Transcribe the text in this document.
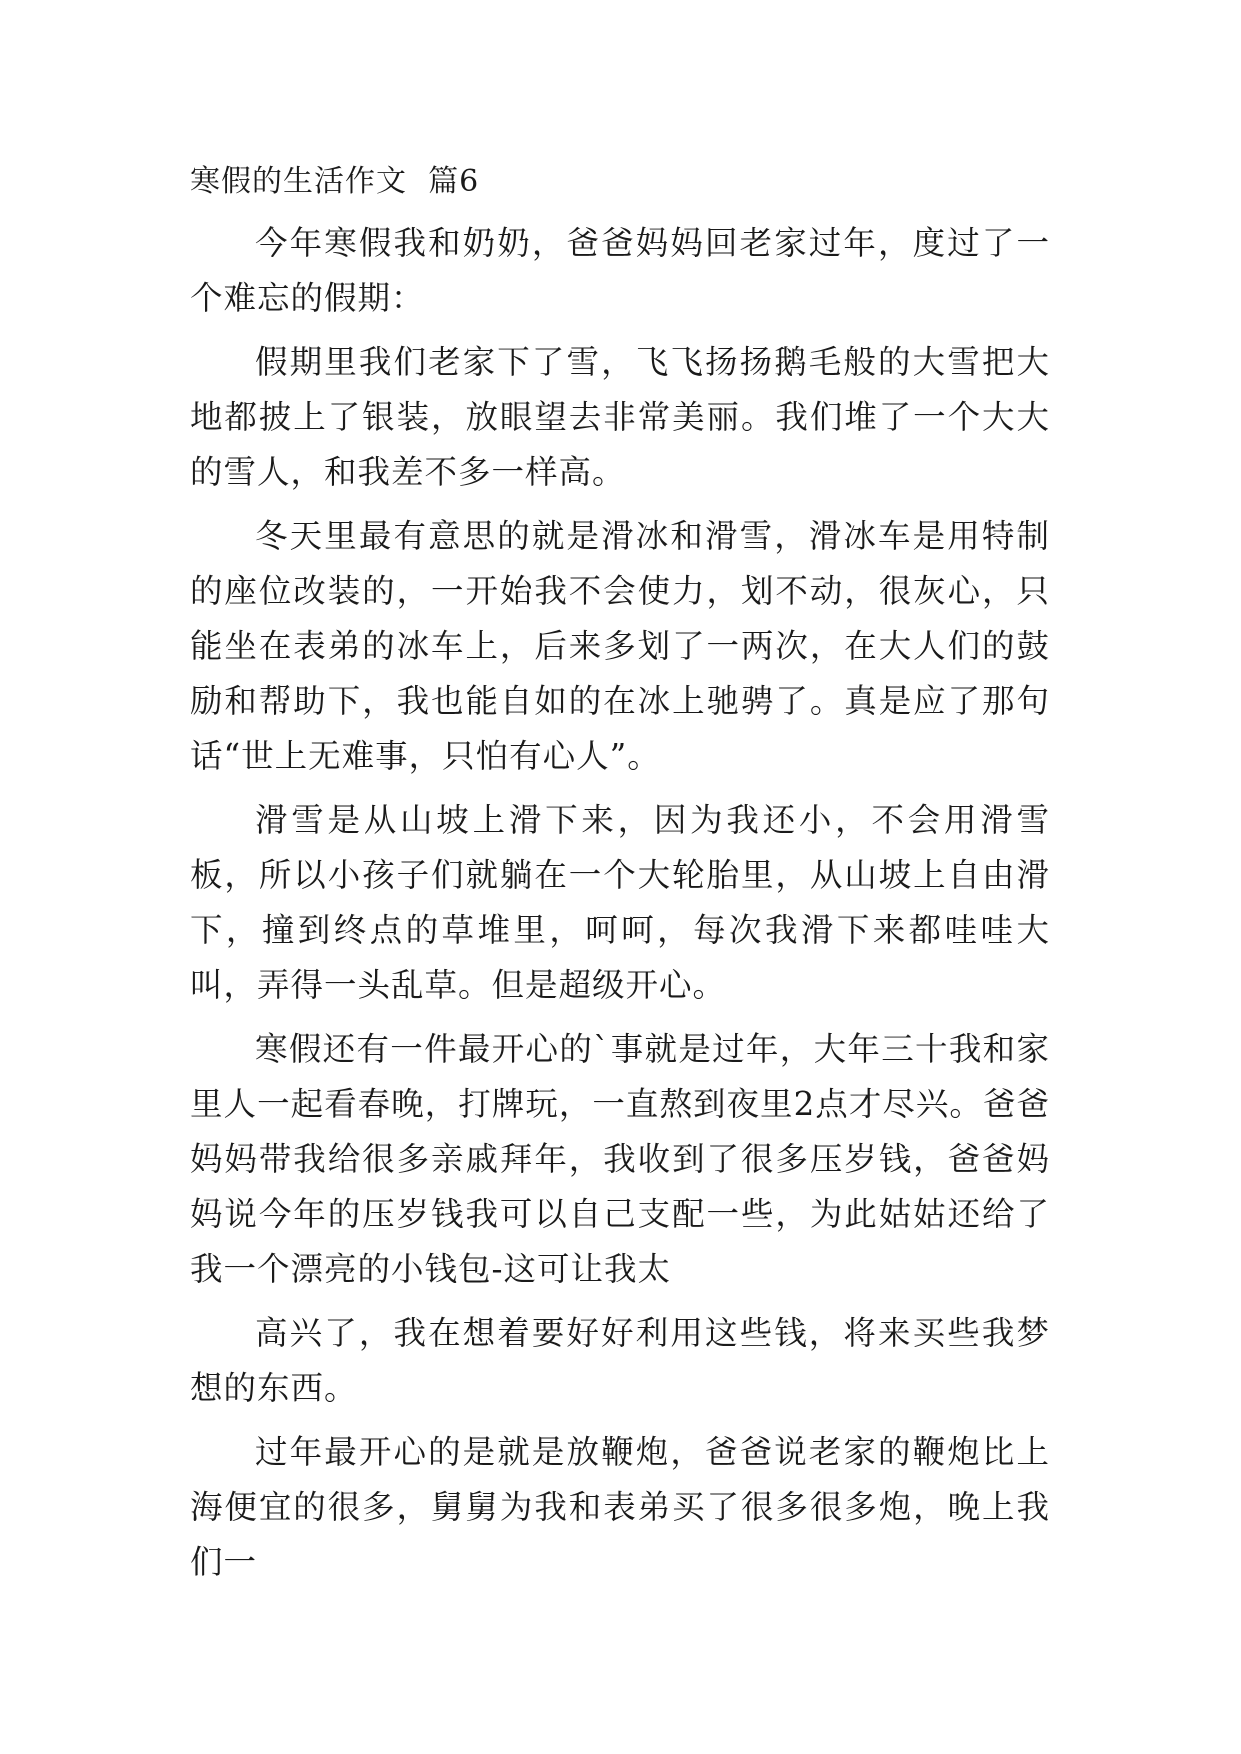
寒假的生活作文  篇6

今年寒假我和奶奶，爸爸妈妈回老家过年，度过了一个难忘的假期：

假期里我们老家下了雪，飞飞扬扬鹅毛般的大雪把大地都披上了银装，放眼望去非常美丽。我们堆了一个大大的雪人，和我差不多一样高。

冬天里最有意思的就是滑冰和滑雪，滑冰车是用特制的座位改装的，一开始我不会使力，划不动，很灰心，只能坐在表弟的冰车上，后来多划了一两次，在大人们的鼓励和帮助下，我也能自如的在冰上驰骋了。真是应了那句话“世上无难事，只怕有心人”。

滑雪是从山坡上滑下来，因为我还小，不会用滑雪板，所以小孩子们就躺在一个大轮胎里，从山坡上自由滑下，撞到终点的草堆里，呵呵，每次我滑下来都哇哇大叫，弄得一头乱草。但是超级开心。

寒假还有一件最开心的`事就是过年，大年三十我和家里人一起看春晚，打牌玩，一直熬到夜里2点才尽兴。爸爸妈妈带我给很多亲戚拜年，我收到了很多压岁钱，爸爸妈妈说今年的压岁钱我可以自己支配一些，为此姑姑还给了我一个漂亮的小钱包-这可让我太

高兴了，我在想着要好好利用这些钱，将来买些我梦想的东西。

过年最开心的是就是放鞭炮，爸爸说老家的鞭炮比上海便宜的很多，舅舅为我和表弟买了很多很多炮，晚上我们一
